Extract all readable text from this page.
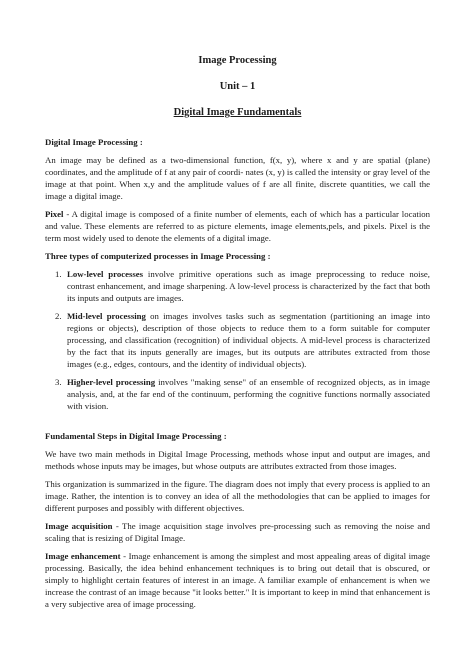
Image Processing
Unit – 1
Digital Image Fundamentals
Digital Image Processing :

An image may be defined as a two-dimensional function, f(x, y), where x and y are spatial (plane) coordinates, and the amplitude of f at any pair of coordi- nates (x, y) is called the intensity or gray level of the image at that point. When x,y and the amplitude values of f are all finite, discrete quantities, we call the image a digital image.

Pixel - A digital image is composed of a finite number of elements, each of which has a particular location and value. These elements are referred to as picture elements, image elements,pels, and pixels. Pixel is the term most widely used to denote the elements of a digital image.

Three types of computerized processes in Image Processing :
1. Low-level processes involve primitive operations such as image preprocessing to reduce noise, contrast enhancement, and image sharpening. A low-level process is characterized by the fact that both its inputs and outputs are images.
2. Mid-level processing on images involves tasks such as segmentation (partitioning an image into regions or objects), description of those objects to reduce them to a form suitable for computer processing, and classification (recognition) of individual objects. A mid-level process is characterized by the fact that its inputs generally are images, but its outputs are attributes extracted from those images (e.g., edges, contours, and the identity of individual objects).
3. Higher-level processing involves "making sense" of an ensemble of recognized objects, as in image analysis, and, at the far end of the continuum, performing the cognitive functions normally associated with vision.
Fundamental Steps in Digital Image Processing :

We have two main methods in Digital Image Processing, methods whose input and output are images, and methods whose inputs may be images, but whose outputs are attributes extracted from those images.

This organization is summarized in the figure. The diagram does not imply that every process is applied to an image. Rather, the intention is to convey an idea of all the methodologies that can be applied to images for different purposes and possibly with different objectives.

Image acquisition - The image acquisition stage involves pre-processing such as removing the noise and scaling that is resizing of Digital Image.

Image enhancement - Image enhancement is among the simplest and most appealing areas of digital image processing. Basically, the idea behind enhancement techniques is to bring out detail that is obscured, or simply to highlight certain features of interest in an image. A familiar example of enhancement is when we increase the contrast of an image because "it looks better." It is important to keep in mind that enhancement is a very subjective area of image processing.
